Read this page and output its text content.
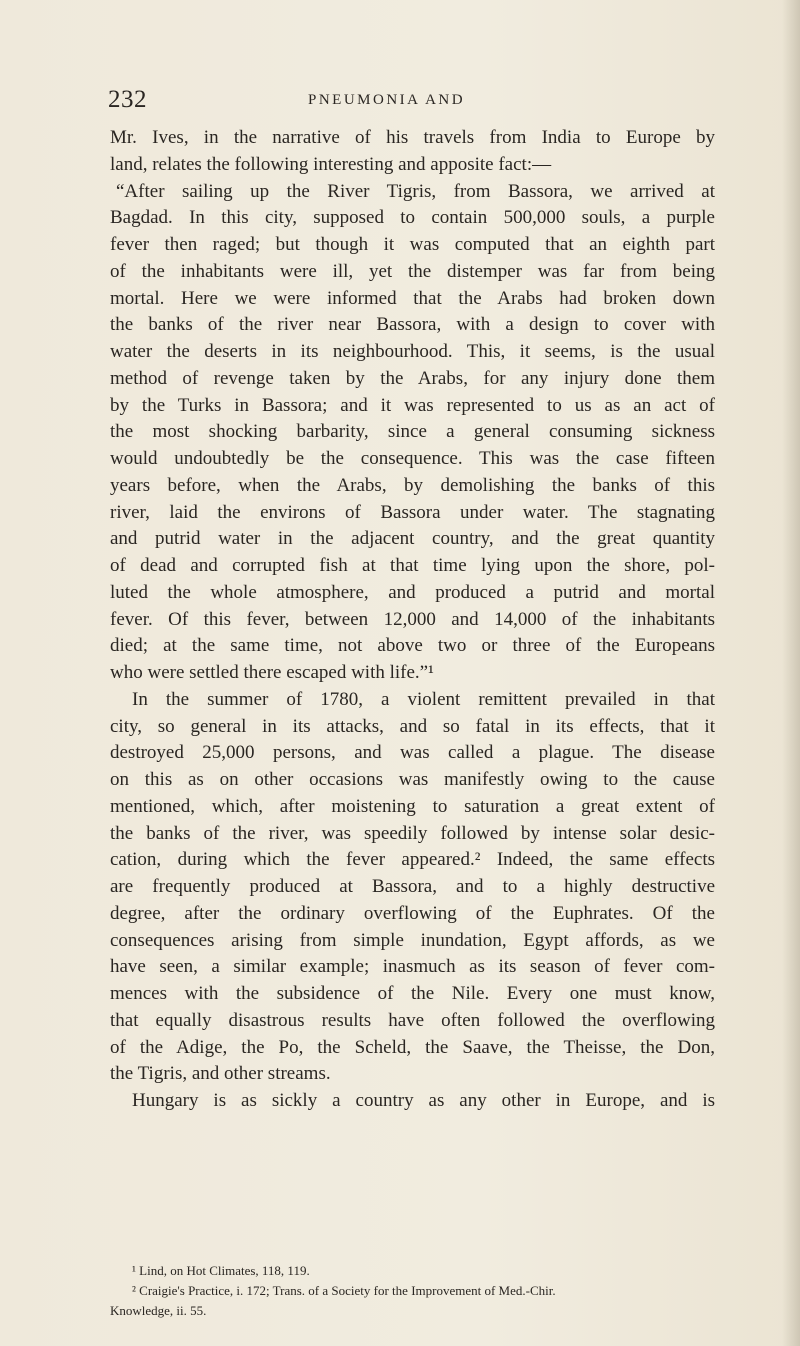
232	PNEUMONIA AND
Mr. Ives, in the narrative of his travels from India to Europe by
land, relates the following interesting and apposite fact:—
“After sailing up the River Tigris, from Bassora, we arrived at
Bagdad. In this city, supposed to contain 500,000 souls, a purple
fever then raged; but though it was computed that an eighth part
of the inhabitants were ill, yet the distemper was far from being
mortal. Here we were informed that the Arabs had broken down
the banks of the river near Bassora, with a design to cover with
water the deserts in its neighbourhood. This, it seems, is the usual
method of revenge taken by the Arabs, for any injury done them
by the Turks in Bassora; and it was represented to us as an act of
the most shocking barbarity, since a general consuming sickness
would undoubtedly be the consequence. This was the case fifteen
years before, when the Arabs, by demolishing the banks of this
river, laid the environs of Bassora under water. The stagnating
and putrid water in the adjacent country, and the great quantity
of dead and corrupted fish at that time lying upon the shore, pol-
luted the whole atmosphere, and produced a putrid and mortal
fever. Of this fever, between 12,000 and 14,000 of the inhabitants
died; at the same time, not above two or three of the Europeans
who were settled there escaped with life.”¹
In the summer of 1780, a violent remittent prevailed in that
city, so general in its attacks, and so fatal in its effects, that it
destroyed 25,000 persons, and was called a plague. The disease
on this as on other occasions was manifestly owing to the cause
mentioned, which, after moistening to saturation a great extent of
the banks of the river, was speedily followed by intense solar desic-
cation, during which the fever appeared.² Indeed, the same effects
are frequently produced at Bassora, and to a highly destructive
degree, after the ordinary overflowing of the Euphrates. Of the
consequences arising from simple inundation, Egypt affords, as we
have seen, a similar example; inasmuch as its season of fever com-
mences with the subsidence of the Nile. Every one must know,
that equally disastrous results have often followed the overflowing
of the Adige, the Po, the Scheld, the Saave, the Theisse, the Don,
the Tigris, and other streams.
Hungary is as sickly a country as any other in Europe, and is
¹ Lind, on Hot Climates, 118, 119.
² Craigie's Practice, i. 172; Trans. of a Society for the Improvement of Med.-Chir.
Knowledge, ii. 55.
